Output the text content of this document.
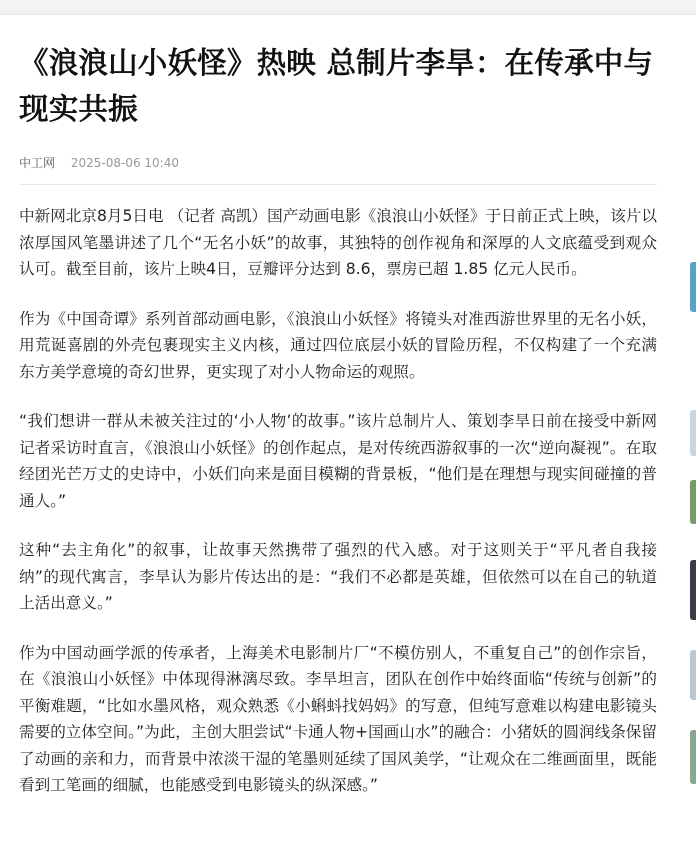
《浪浪山小妖怪》热映 总制片李旱：在传承中与现实共振
中工网 2025-08-06 10:40

中新网北京8月5日电 （记者 高凯）国产动画电影《浪浪山小妖怪》于日前正式上映，该片以浓厚国风笔墨讲述了几个“无名小妖”的故事，其独特的创作视角和深厚的人文底蕴受到观众认可。截至目前，该片上映4日，豆瓣评分达到 8.6，票房已超 1.85 亿元人民币。

作为《中国奇谭》系列首部动画电影，《浪浪山小妖怪》将镜头对准西游世界里的无名小妖，用荒诞喜剧的外壳包裹现实主义内核，通过四位底层小妖的冒险历程，不仅构建了一个充满东方美学意境的奇幻世界，更实现了对小人物命运的观照。

“我们想讲一群从未被关注过的‘小人物’的故事。”该片总制片人、策划李旱日前在接受中新网记者采访时直言，《浪浪山小妖怪》的创作起点，是对传统西游叙事的一次“逆向凝视”。在取经团光芒万丈的史诗中，小妖们向来是面目模糊的背景板，“他们是在理想与现实间碰撞的普通人。”

这种“去主角化”的叙事，让故事天然携带了强烈的代入感。对于这则关于“平凡者自我接纳”的现代寓言，李旱认为影片传达出的是：“我们不必都是英雄，但依然可以在自己的轨道上活出意义。”

作为中国动画学派的传承者，上海美术电影制片厂“不模仿别人，不重复自己”的创作宗旨，在《浪浪山小妖怪》中体现得淋漓尽致。李旱坦言，团队在创作中始终面临“传统与创新”的平衡难题，“比如水墨风格，观众熟悉《小蝌蚪找妈妈》的写意，但纯写意难以构建电影镜头需要的立体空间。”为此，主创大胆尝试“卡通人物+国画山水”的融合：小猪妖的圆润线条保留了动画的亲和力，而背景中浓淡干湿的笔墨则延续了国风美学，“让观众在二维画面里，既能看到工笔画的细腻，也能感受到电影镜头的纵深感。”
